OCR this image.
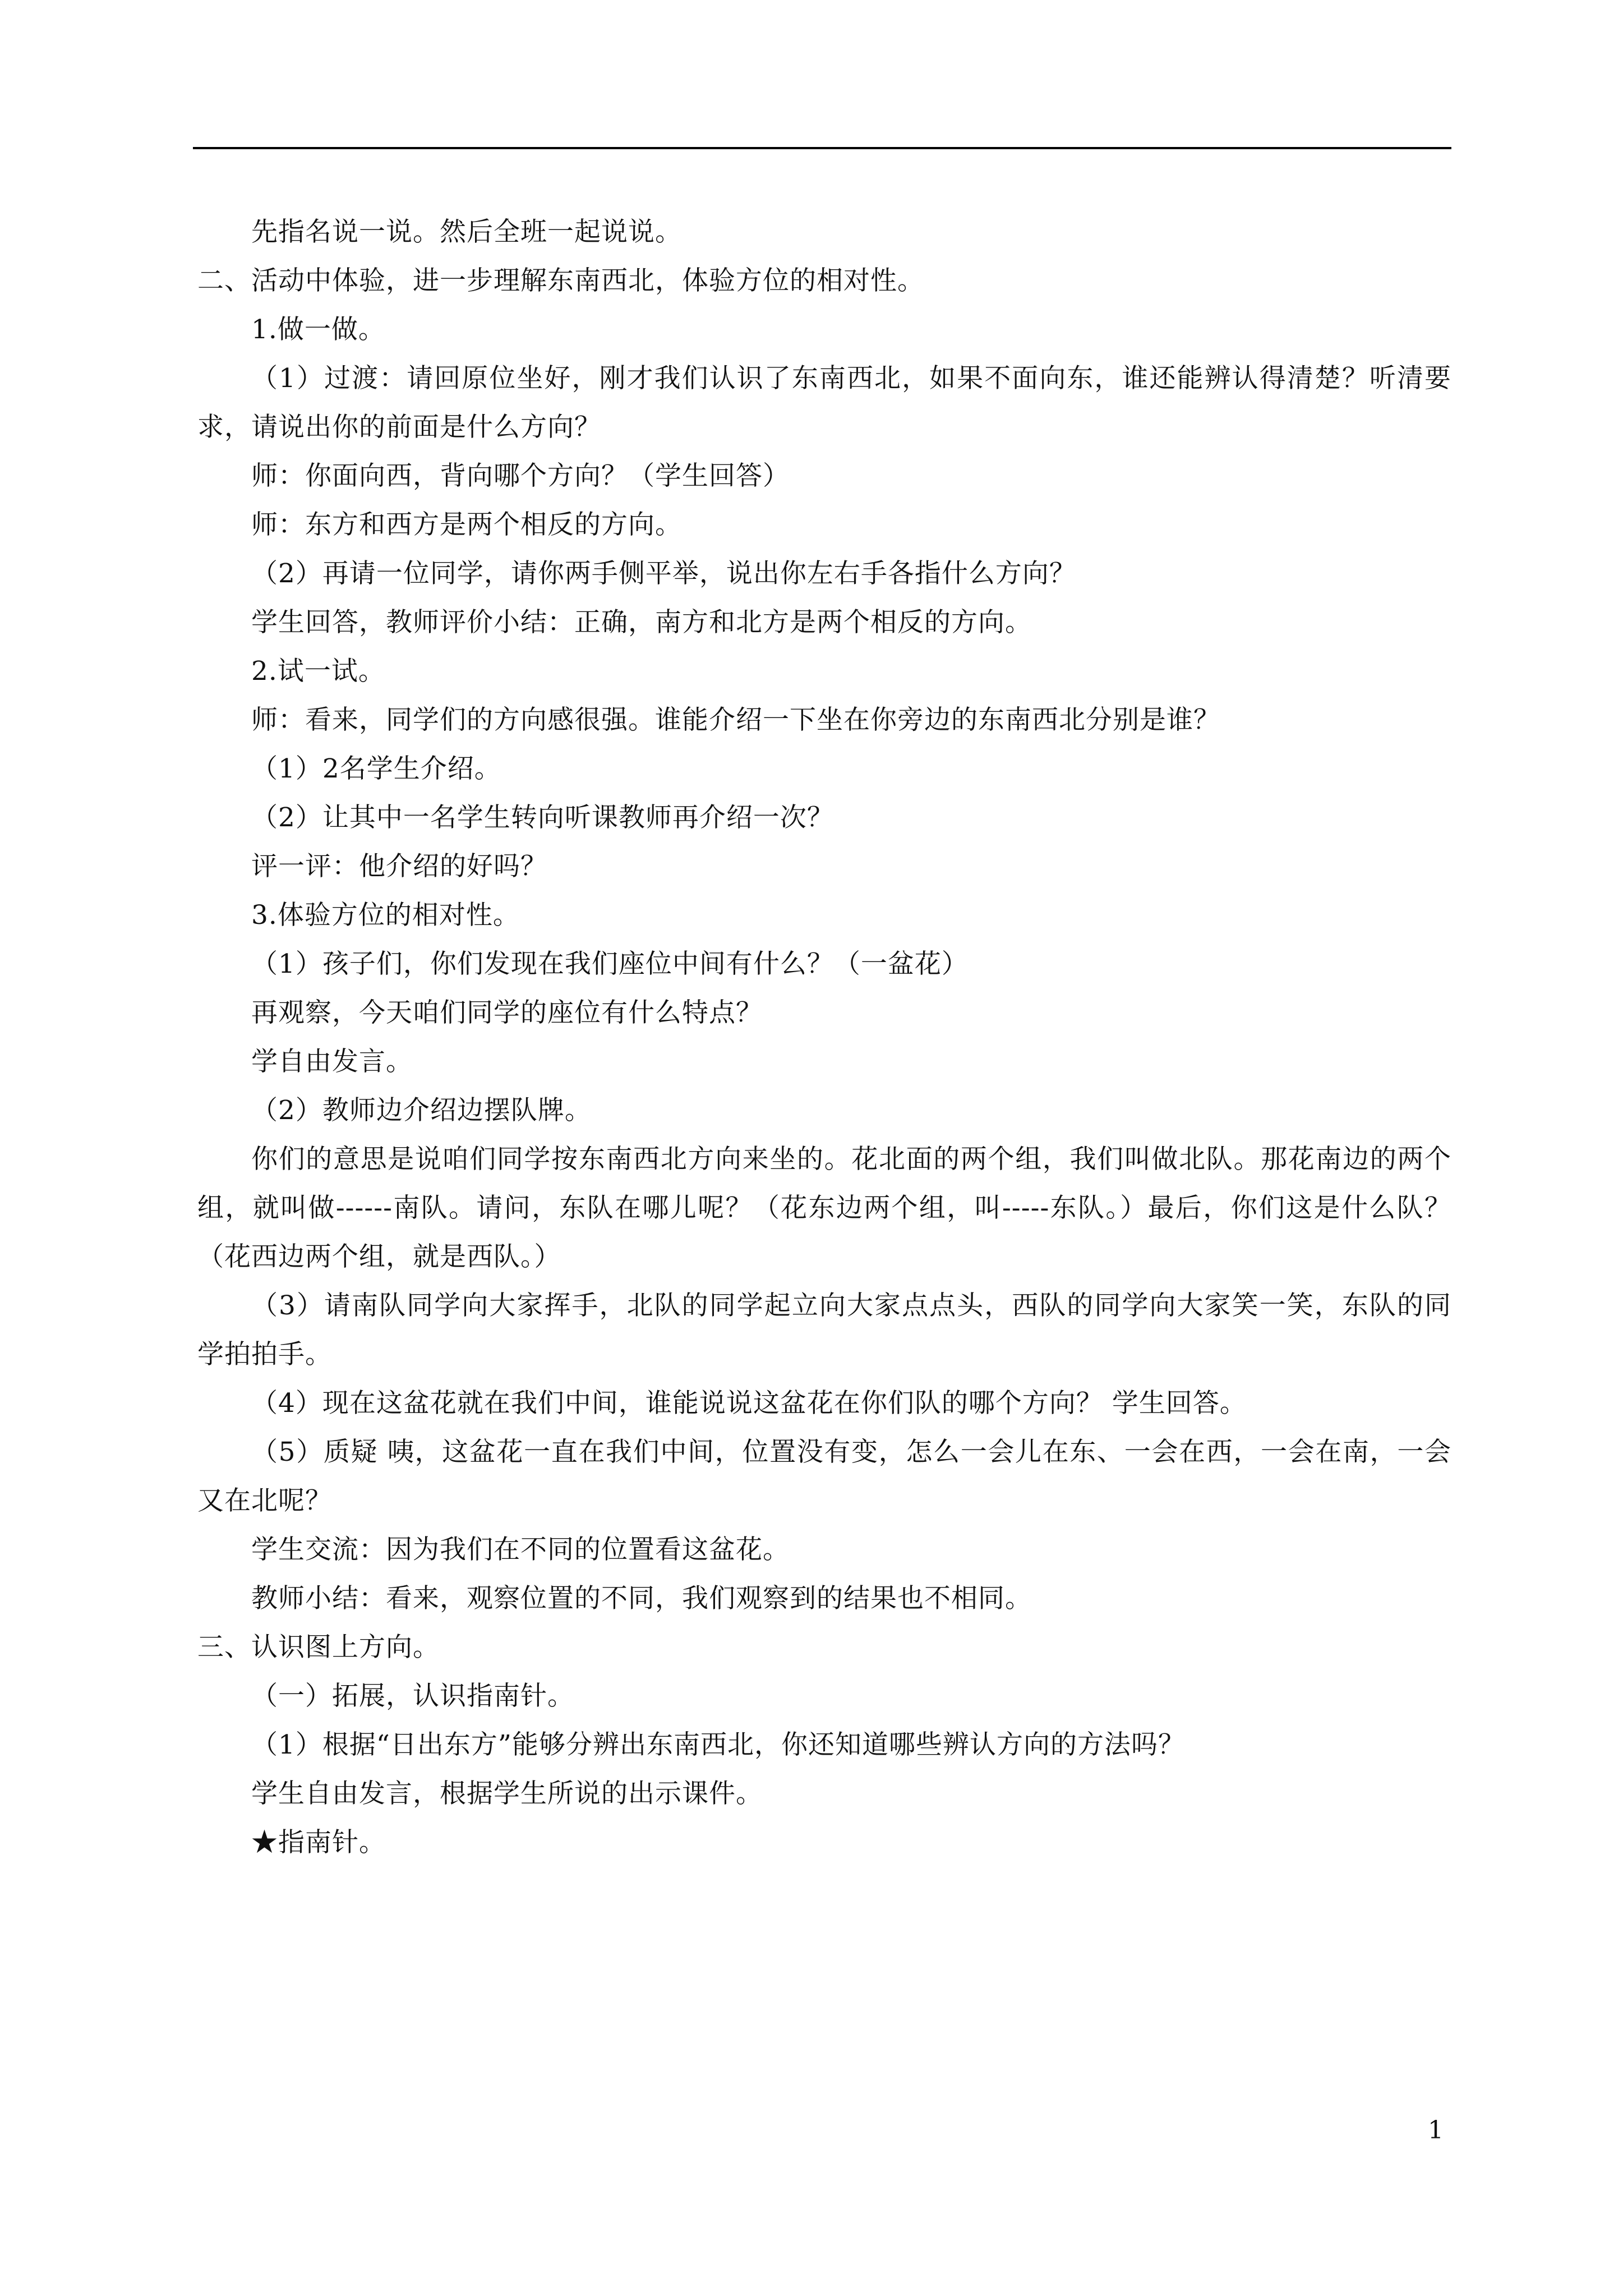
先指名说一说。然后全班一起说说。

二、活动中体验，进一步理解东南西北，体验方位的相对性。

1.做一做。

（1）过渡：请回原位坐好，刚才我们认识了东南西北，如果不面向东，谁还能辨认得清楚？听清要求，请说出你的前面是什么方向？

师：你面向西，背向哪个方向？（学生回答）

师：东方和西方是两个相反的方向。

（2）再请一位同学，请你两手侧平举，说出你左右手各指什么方向？

学生回答，教师评价小结：正确，南方和北方是两个相反的方向。

2.试一试。

师：看来，同学们的方向感很强。谁能介绍一下坐在你旁边的东南西北分别是谁？

（1）2名学生介绍。

（2）让其中一名学生转向听课教师再介绍一次？

评一评：他介绍的好吗？

3.体验方位的相对性。

（1）孩子们，你们发现在我们座位中间有什么？（一盆花）

再观察，今天咱们同学的座位有什么特点？

学自由发言。

（2）教师边介绍边摆队牌。

你们的意思是说咱们同学按东南西北方向来坐的。花北面的两个组，我们叫做北队。那花南边的两个组，就叫做------南队。请问，东队在哪儿呢？（花东边两个组，叫-----东队。）最后，你们这是什么队？（花西边两个组，就是西队。）

（3）请南队同学向大家挥手，北队的同学起立向大家点点头，西队的同学向大家笑一笑，东队的同学拍拍手。

（4）现在这盆花就在我们中间，谁能说说这盆花在你们队的哪个方向？ 学生回答。

（5）质疑 咦，这盆花一直在我们中间，位置没有变，怎么一会儿在东、一会在西，一会在南，一会又在北呢？

学生交流：因为我们在不同的位置看这盆花。

教师小结：看来，观察位置的不同，我们观察到的结果也不相同。

三、认识图上方向。

（一）拓展，认识指南针。

（1）根据“日出东方”能够分辨出东南西北，你还知道哪些辨认方向的方法吗？

学生自由发言，根据学生所说的出示课件。

★指南针。

1
